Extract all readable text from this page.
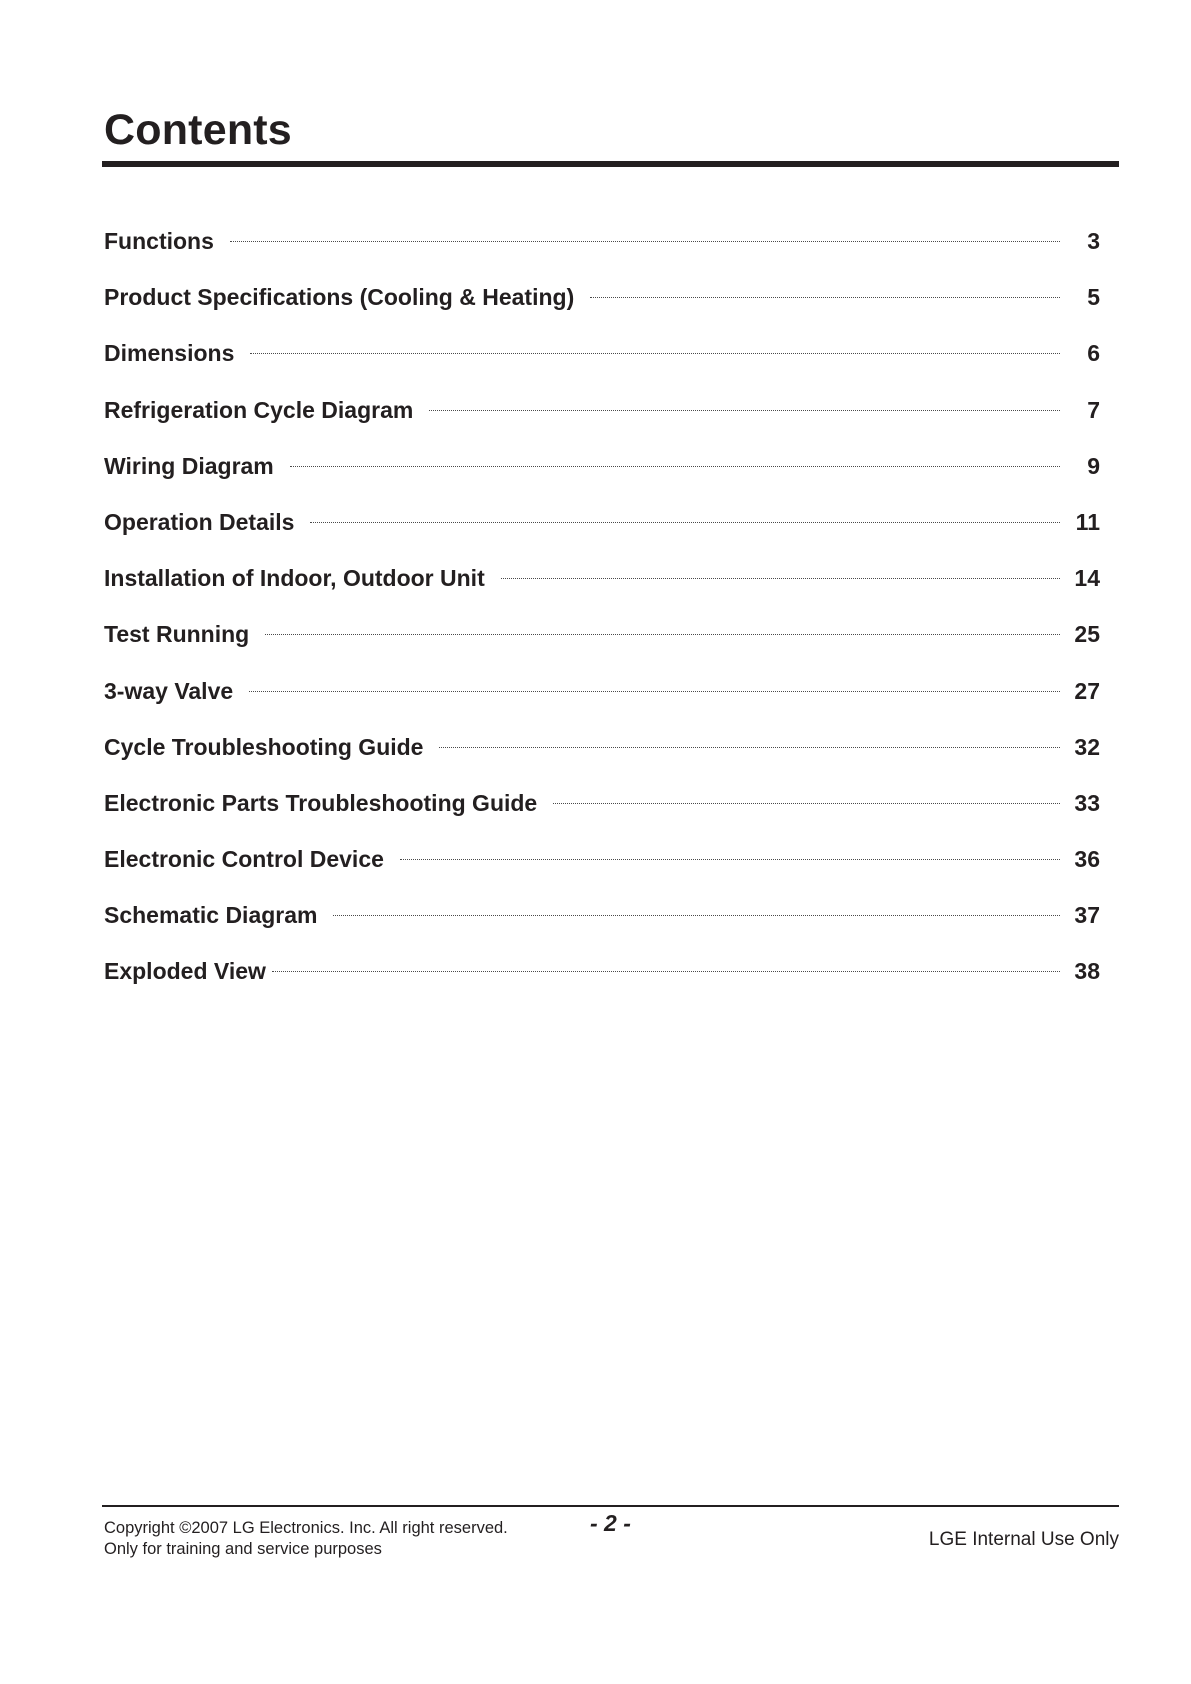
Contents
Functions	3
Product Specifications (Cooling & Heating)	5
Dimensions	6
Refrigeration Cycle Diagram	7
Wiring Diagram	9
Operation Details	11
Installation of Indoor, Outdoor Unit	14
Test Running	25
3-way Valve	27
Cycle Troubleshooting Guide	32
Electronic Parts Troubleshooting Guide	33
Electronic Control Device	36
Schematic Diagram	37
Exploded View	38
Copyright ©2007 LG Electronics. Inc. All right reserved.
Only for training and service purposes
- 2 -
LGE Internal Use Only
